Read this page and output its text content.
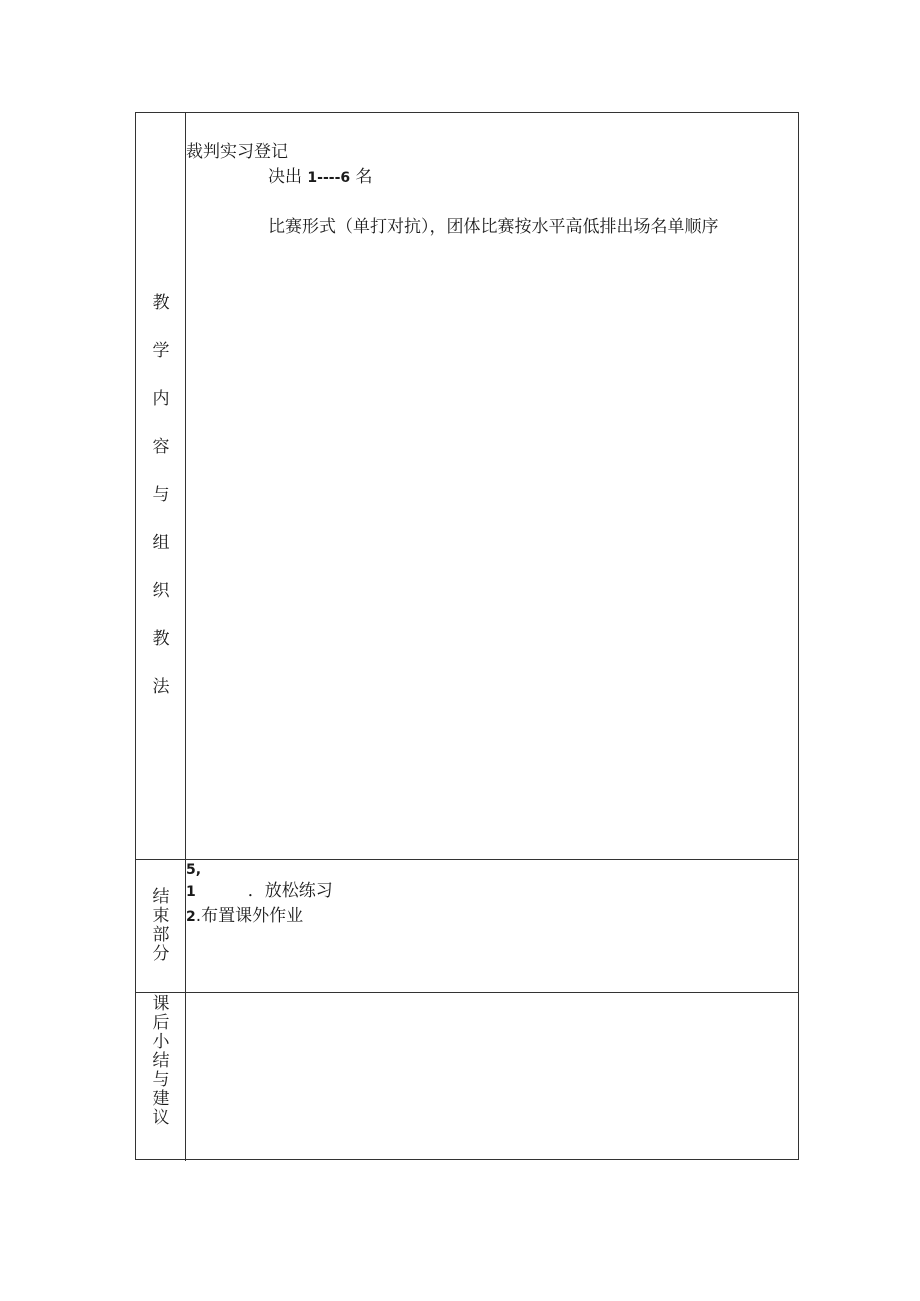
教
学
内
容
与
组
织
教
法
裁判实习登记
决出 1----6 名
比赛形式（单打对抗），团体比赛按水平高低排出场名单顺序
结
束
部
分
5,
1	．放松练习
2.布置课外作业
课
后
小
结
与
建
议
